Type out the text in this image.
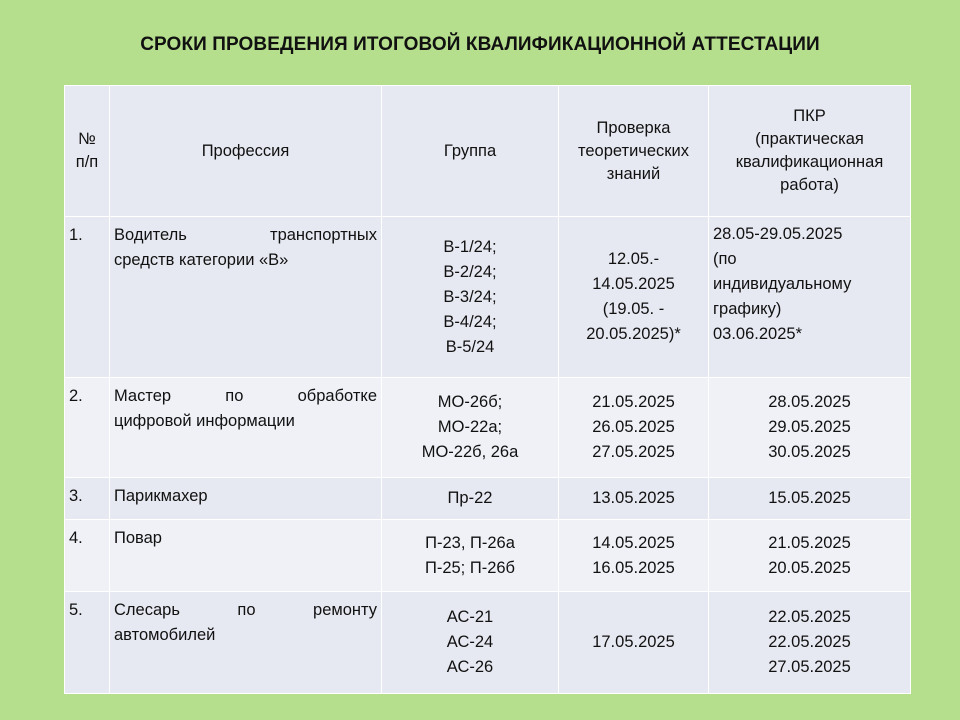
СРОКИ ПРОВЕДЕНИЯ ИТОГОВОЙ КВАЛИФИКАЦИОННОЙ АТТЕСТАЦИИ
№
п/п	Профессия	Группа	Проверка
теоретических
знаний	ПКР
(практическая
квалификационная
работа)

1.	Водитель транспортных
средств категории «В»	В-1/24;
В-2/24;
В-3/24;
В-4/24;
В-5/24	12.05.-
14.05.2025
(19.05. -
20.05.2025)*	28.05-29.05.2025
(по
индивидуальному
графику)
03.06.2025*

2.	Мастер по обработке
цифровой информации	МО-26б;
МО-22а;
МО-22б, 26а	21.05.2025
26.05.2025
27.05.2025	28.05.2025
29.05.2025
30.05.2025

3.	Парикмахер	Пр-22	13.05.2025	15.05.2025

4.	Повар	П-23, П-26а
П-25; П-26б	14.05.2025
16.05.2025	21.05.2025
20.05.2025

5.	Слесарь по ремонту
автомобилей	АС-21
АС-24
АС-26	17.05.2025	22.05.2025
22.05.2025
27.05.2025
